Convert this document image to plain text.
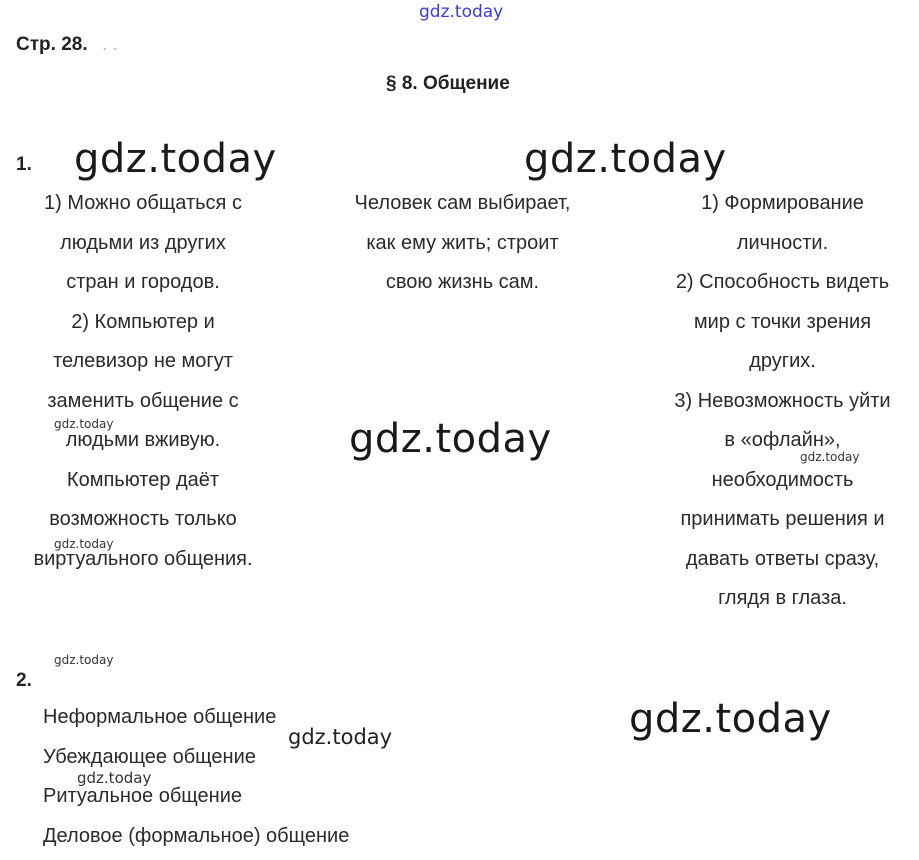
gdz.today
Стр. 28. . .
§ 8. Общение
1. gdz.today	gdz.today
1) Можно общаться с
людьми из других
стран и городов.
2) Компьютер и
телевизор не могут
заменить общение с
людьми вживую.
Компьютер даёт
возможность только
виртуального общения.
Человек сам выбирает,
как ему жить; строит
свою жизнь сам.
1) Формирование
личности.
2) Способность видеть
мир с точки зрения
других.
3) Невозможность уйти
в «офлайн»,
необходимость
принимать решения и
давать ответы сразу,
глядя в глаза.
gdz.today
gdz.today
gdz.today
gdz.today
gdz.today
2.
Неформальное общение
Убеждающее общение
Ритуальное общение
Деловое (формальное) общение
gdz.today
gdz.today
gdz.today
